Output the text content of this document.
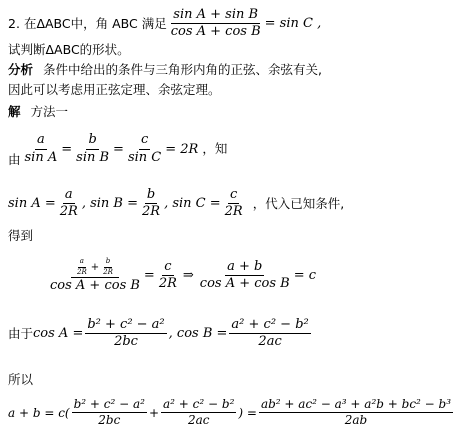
2. 在ΔABC中，角 ABC 满足 $\frac{\text{sin A + sin B}}{\text{cos A + cos B}} = \sin C$ ,
试判断ΔABC的形状。
分析 条件中给出的条件与三角形内角的正弦、余弦有关,
因此可以考虑用正弦定理、余弦定理。
解 方法一
由 $\frac{a}{\text{sin A}} = \frac{b}{\text{sin B}} = \frac{c}{\text{sin C}} = 2R$ ，知
$\sin A = \frac{a}{2R}$ , $\sin B = \frac{b}{2R}$ , $\sin C = \frac{c}{2R}$ ，代入已知条件,
得到
$\frac{\frac{a}{2R} + \frac{b}{2R}}{\text{cos A + cos B}} = \frac{c}{2R}$ ⇒ $\frac{a + b}{\text{cos A + cos B}} = c$
由于 $\cos A = \frac{\text{b² + c² − a²}}{2bc}$ , $\cos B = \frac{\text{a² + c² − b²}}{2ac}$
所以
$a + b = c( \frac{\text{b² + c² − a²}}{2bc} + \frac{\text{a² + c² − b²}}{2ac}$ ) = $\frac{\text{ab² + ac² − a³ + a²b + bc² − b³}}{2ab}$
